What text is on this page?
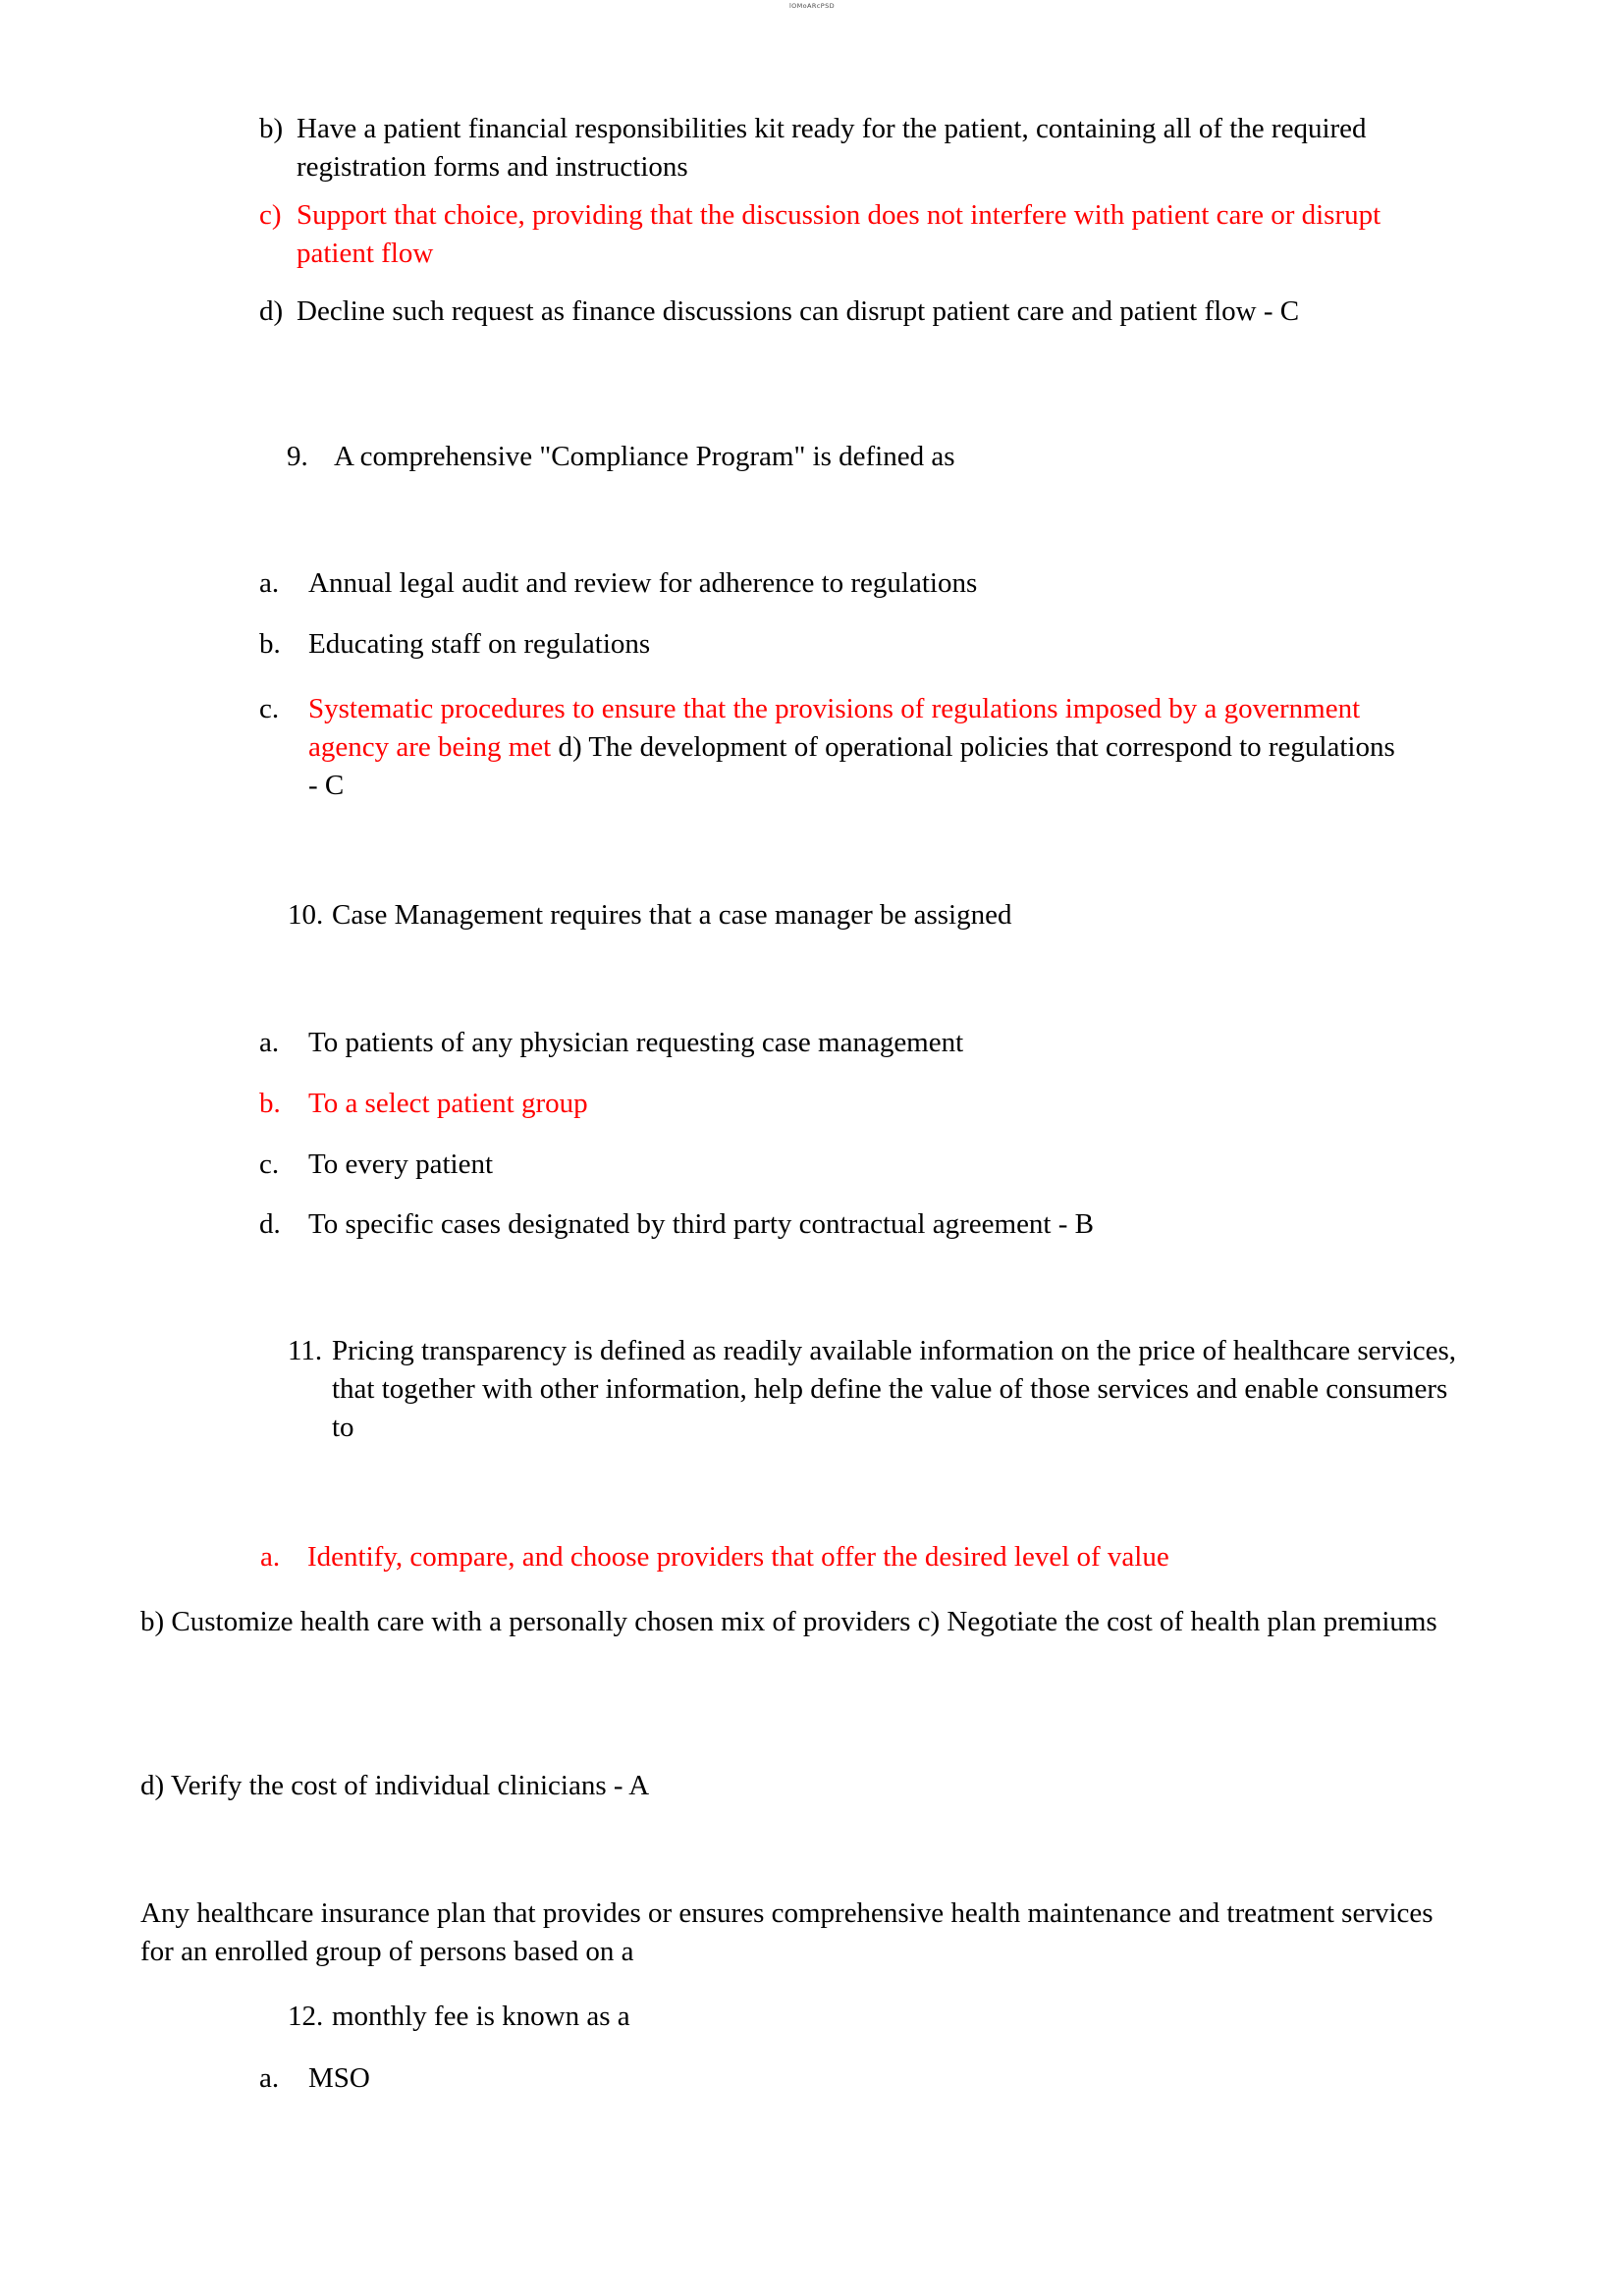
lOMoARcPSD
b) Have a patient financial responsibilities kit ready for the patient, containing all of the required registration forms and instructions
c) Support that choice, providing that the discussion does not interfere with patient care or disrupt patient flow
d) Decline such request as finance discussions can disrupt patient care and patient flow - C
9. A comprehensive "Compliance Program" is defined as
a.	Annual legal audit and review for adherence to regulations
b. Educating staff on regulations
c.	Systematic procedures to ensure that the provisions of regulations imposed by a government agency are being met d) The development of operational policies that correspond to regulations - C
10. Case Management requires that a case manager be assigned
a.	To patients of any physician requesting case management
b. To a select patient group
c.	To every patient
d. To specific cases designated by third party contractual agreement - B
11. Pricing transparency is defined as readily available information on the price of healthcare services, that together with other information, help define the value of those services and enable consumers to
a. Identify, compare, and choose providers that offer the desired level of value
b) Customize health care with a personally chosen mix of providers c) Negotiate the cost of health plan premiums
d) Verify the cost of individual clinicians - A
Any healthcare insurance plan that provides or ensures comprehensive health maintenance and treatment services for an enrolled group of persons based on a
12. monthly fee is known as a
a.	MSO
